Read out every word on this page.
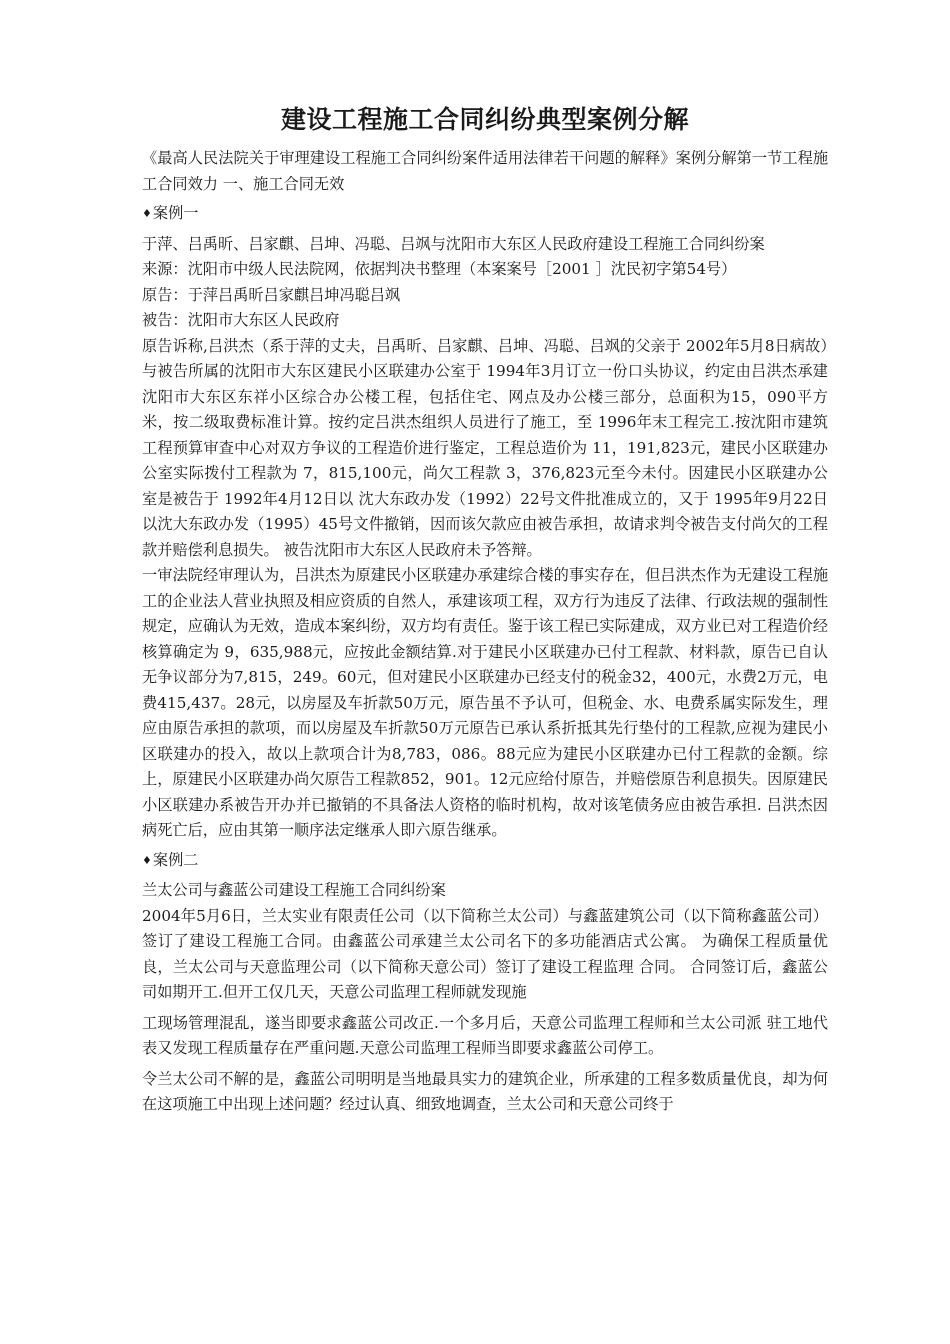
建设工程施工合同纠纷典型案例分解

《最高人民法院关于审理建设工程施工合同纠纷案件适用法律若干问题的解释》案例分解第一节工程施工合同效力 一、施工合同无效

♦案例一

于萍、吕禹昕、吕家麒、吕坤、冯聪、吕飒与沈阳市大东区人民政府建设工程施工合同纠纷案

来源：沈阳市中级人民法院网，依据判决书整理（本案案号［2001 ］沈民初字第54号）

原告：于萍吕禹昕吕家麒吕坤冯聪吕飒

被告：沈阳市大东区人民政府

原告诉称,吕洪杰（系于萍的丈夫，吕禹昕、吕家麒、吕坤、冯聪、吕飒的父亲于 2002年5月8日病故）与被告所属的沈阳市大东区建民小区联建办公室于 1994年3月订立一份口头协议，约定由吕洪杰承建沈阳市大东区东祥小区综合办公楼工程，包括住宅、网点及办公楼三部分，总面积为15，090平方米，按二级取费标准计算。按约定吕洪杰组织人员进行了施工，至 1996年末工程完工.按沈阳市建筑工程预算审查中心对双方争议的工程造价进行鉴定，工程总造价为 11，191,823元，建民小区联建办公室实际拨付工程款为 7，815,100元，尚欠工程款 3，376,823元至今未付。因建民小区联建办公室是被告于 1992年4月12日以 沈大东政办发（1992）22号文件批准成立的，又于 1995年9月22日以沈大东政办发（1995）45号文件撤销，因而该欠款应由被告承担，故请求判令被告支付尚欠的工程款并赔偿利息损失。 被告沈阳市大东区人民政府未予答辩。

一审法院经审理认为，吕洪杰为原建民小区联建办承建综合楼的事实存在，但吕洪杰作为无建设工程施工的企业法人营业执照及相应资质的自然人，承建该项工程，双方行为违反了法律、行政法规的强制性规定，应确认为无效，造成本案纠纷，双方均有责任。鉴于该工程已实际建成，双方业已对工程造价经核算确定为 9，635,988元，应按此金额结算.对于建民小区联建办已付工程款、材料款，原告已自认无争议部分为7,815，249。60元，但对建民小区联建办已经支付的税金32，400元，水费2万元，电费415,437。28元，以房屋及车折款50万元，原告虽不予认可，但税金、水、电费系属实际发生，理应由原告承担的款项，而以房屋及车折款50万元原告已承认系折抵其先行垫付的工程款,应视为建民小区联建办的投入，故以上款项合计为8,783，086。88元应为建民小区联建办已付工程款的金额。综上，原建民小区联建办尚欠原告工程款852，901。12元应给付原告，并赔偿原告利息损失。因原建民小区联建办系被告开办并已撤销的不具备法人资格的临时机构，故对该笔债务应由被告承担. 吕洪杰因病死亡后，应由其第一顺序法定继承人即六原告继承。

♦案例二

兰太公司与鑫蓝公司建设工程施工合同纠纷案

2004年5月6日，兰太实业有限责任公司（以下简称兰太公司）与鑫蓝建筑公司（以下简称鑫蓝公司）签订了建设工程施工合同。由鑫蓝公司承建兰太公司名下的多功能酒店式公寓。 为确保工程质量优良，兰太公司与天意监理公司（以下简称天意公司）签订了建设工程监理 合同。 合同签订后，鑫蓝公司如期开工.但开工仅几天，天意公司监理工程师就发现施

工现场管理混乱，遂当即要求鑫蓝公司改正.一个多月后，天意公司监理工程师和兰太公司派 驻工地代表又发现工程质量存在严重问题.天意公司监理工程师当即要求鑫蓝公司停工。

令兰太公司不解的是，鑫蓝公司明明是当地最具实力的建筑企业，所承建的工程多数质量优良，却为何在这项施工中出现上述问题？经过认真、细致地调查，兰太公司和天意公司终于
